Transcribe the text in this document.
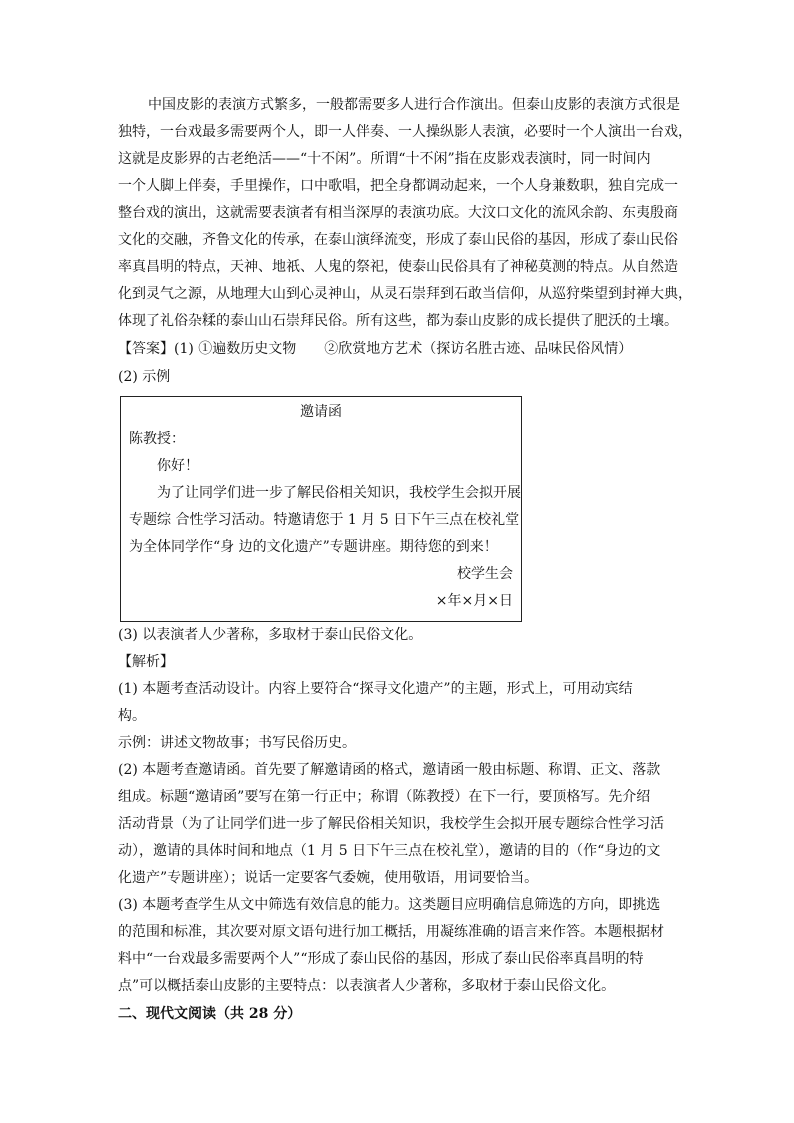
中国皮影的表演方式繁多，一般都需要多人进行合作演出。但泰山皮影的表演方式很是
独特，一台戏最多需要两个人，即一人伴奏、一人操纵影人表演，必要时一个人演出一台戏，
这就是皮影界的古老绝活——“十不闲”。所谓“十不闲”指在皮影戏表演时，同一时间内
一个人脚上伴奏，手里操作，口中歌唱，把全身都调动起来，一个人身兼数职，独自完成一
整台戏的演出，这就需要表演者有相当深厚的表演功底。大汶口文化的流风余韵、东夷殷商
文化的交融，齐鲁文化的传承，在泰山演绎流变，形成了泰山民俗的基因，形成了泰山民俗
率真昌明的特点，天神、地祇、人鬼的祭祀，使泰山民俗具有了神秘莫测的特点。从自然造
化到灵气之源，从地理大山到心灵神山，从灵石崇拜到石敢当信仰，从巡狩柴望到封禅大典，
体现了礼俗杂糅的泰山山石崇拜民俗。所有这些，都为泰山皮影的成长提供了肥沃的土壤。
【答案】(1) ①遍数历史文物　　②欣赏地方艺术（探访名胜古迹、品味民俗风情）
(2) 示例
邀请函
陈教授：
你好！
为了让同学们进一步了解民俗相关知识，我校学生会拟开展
专题综 合性学习活动。特邀请您于 1 月 5 日下午三点在校礼堂
为全体同学作“身 边的文化遗产”专题讲座。期待您的到来！
校学生会
×年×月×日
(3) 以表演者人少著称，多取材于泰山民俗文化。
【解析】
(1) 本题考查活动设计。内容上要符合“探寻文化遗产”的主题，形式上，可用动宾结
构。
示例：讲述文物故事；书写民俗历史。
(2) 本题考查邀请函。首先要了解邀请函的格式，邀请函一般由标题、称谓、正文、落款
组成。标题“邀请函”要写在第一行正中；称谓（陈教授）在下一行，要顶格写。先介绍
活动背景（为了让同学们进一步了解民俗相关知识，我校学生会拟开展专题综合性学习活
动），邀请的具体时间和地点（1 月 5 日下午三点在校礼堂），邀请的目的（作“身边的文
化遗产”专题讲座）；说话一定要客气委婉，使用敬语，用词要恰当。
(3) 本题考查学生从文中筛选有效信息的能力。这类题目应明确信息筛选的方向，即挑选
的范围和标准，其次要对原文语句进行加工概括，用凝练准确的语言来作答。本题根据材
料中“一台戏最多需要两个人”“形成了泰山民俗的基因，形成了泰山民俗率真昌明的特
点”可以概括泰山皮影的主要特点：以表演者人少著称，多取材于泰山民俗文化。
二、现代文阅读（共 28 分）
